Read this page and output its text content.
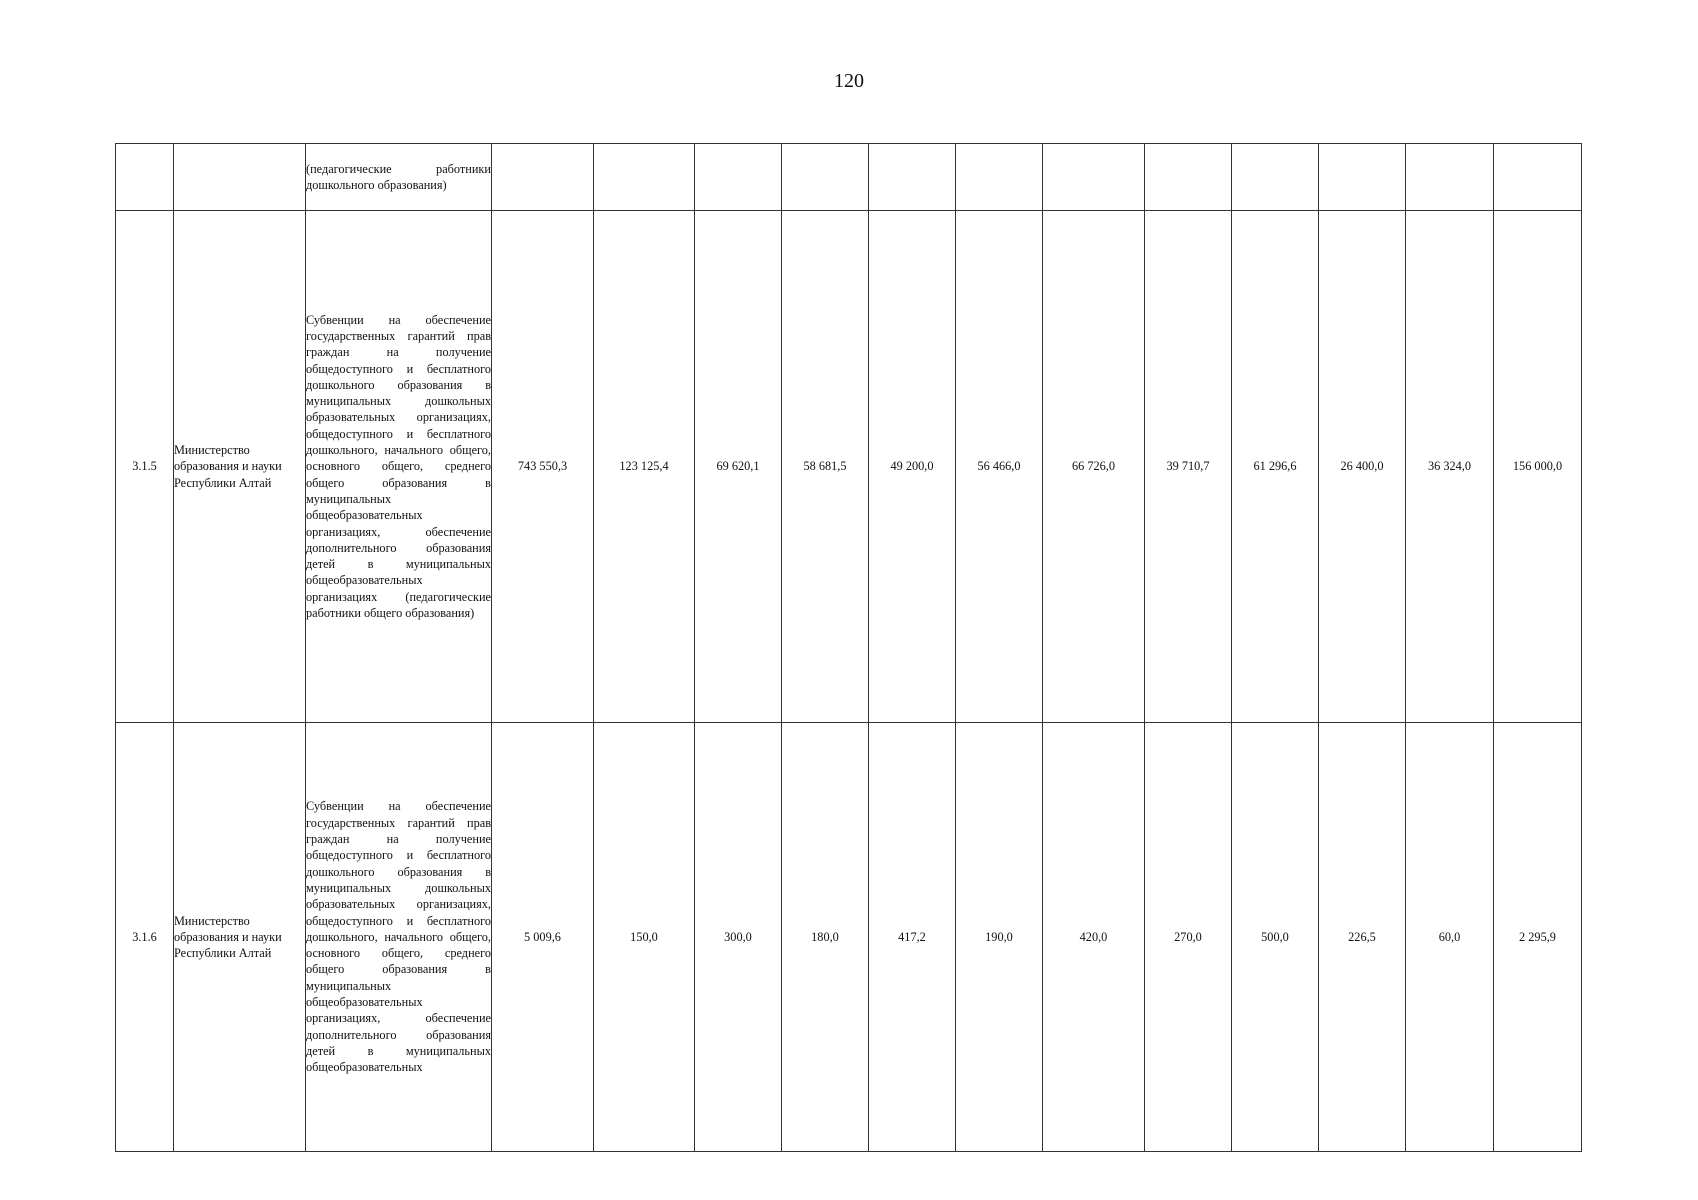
120

		(педагогические работники дошкольного образования)												

3.1.5	Министерство образования и науки Республики Алтай	Субвенции на обеспечение государственных гарантий прав граждан на получение общедоступного и бесплатного дошкольного образования в муниципальных дошкольных образовательных организациях, общедоступного и бесплатного дошкольного, начального общего, основного общего, среднего общего образования в муниципальных общеобразовательных организациях, обеспечение дополнительного образования детей в муниципальных общеобразовательных организациях (педагогические работники общего образования)	743 550,3	123 125,4	69 620,1	58 681,5	49 200,0	56 466,0	66 726,0	39 710,7	61 296,6	26 400,0	36 324,0	156 000,0
3.1.6	Министерство образования и науки Республики Алтай	Субвенции на обеспечение государственных гарантий прав граждан на получение общедоступного и бесплатного дошкольного образования в муниципальных дошкольных образовательных организациях, общедоступного и бесплатного дошкольного, начального общего, основного общего, среднего общего образования в муниципальных общеобразовательных организациях, обеспечение дополнительного образования детей в муниципальных общеобразовательных	5 009,6	150,0	300,0	180,0	417,2	190,0	420,0	270,0	500,0	226,5	60,0	2 295,9
